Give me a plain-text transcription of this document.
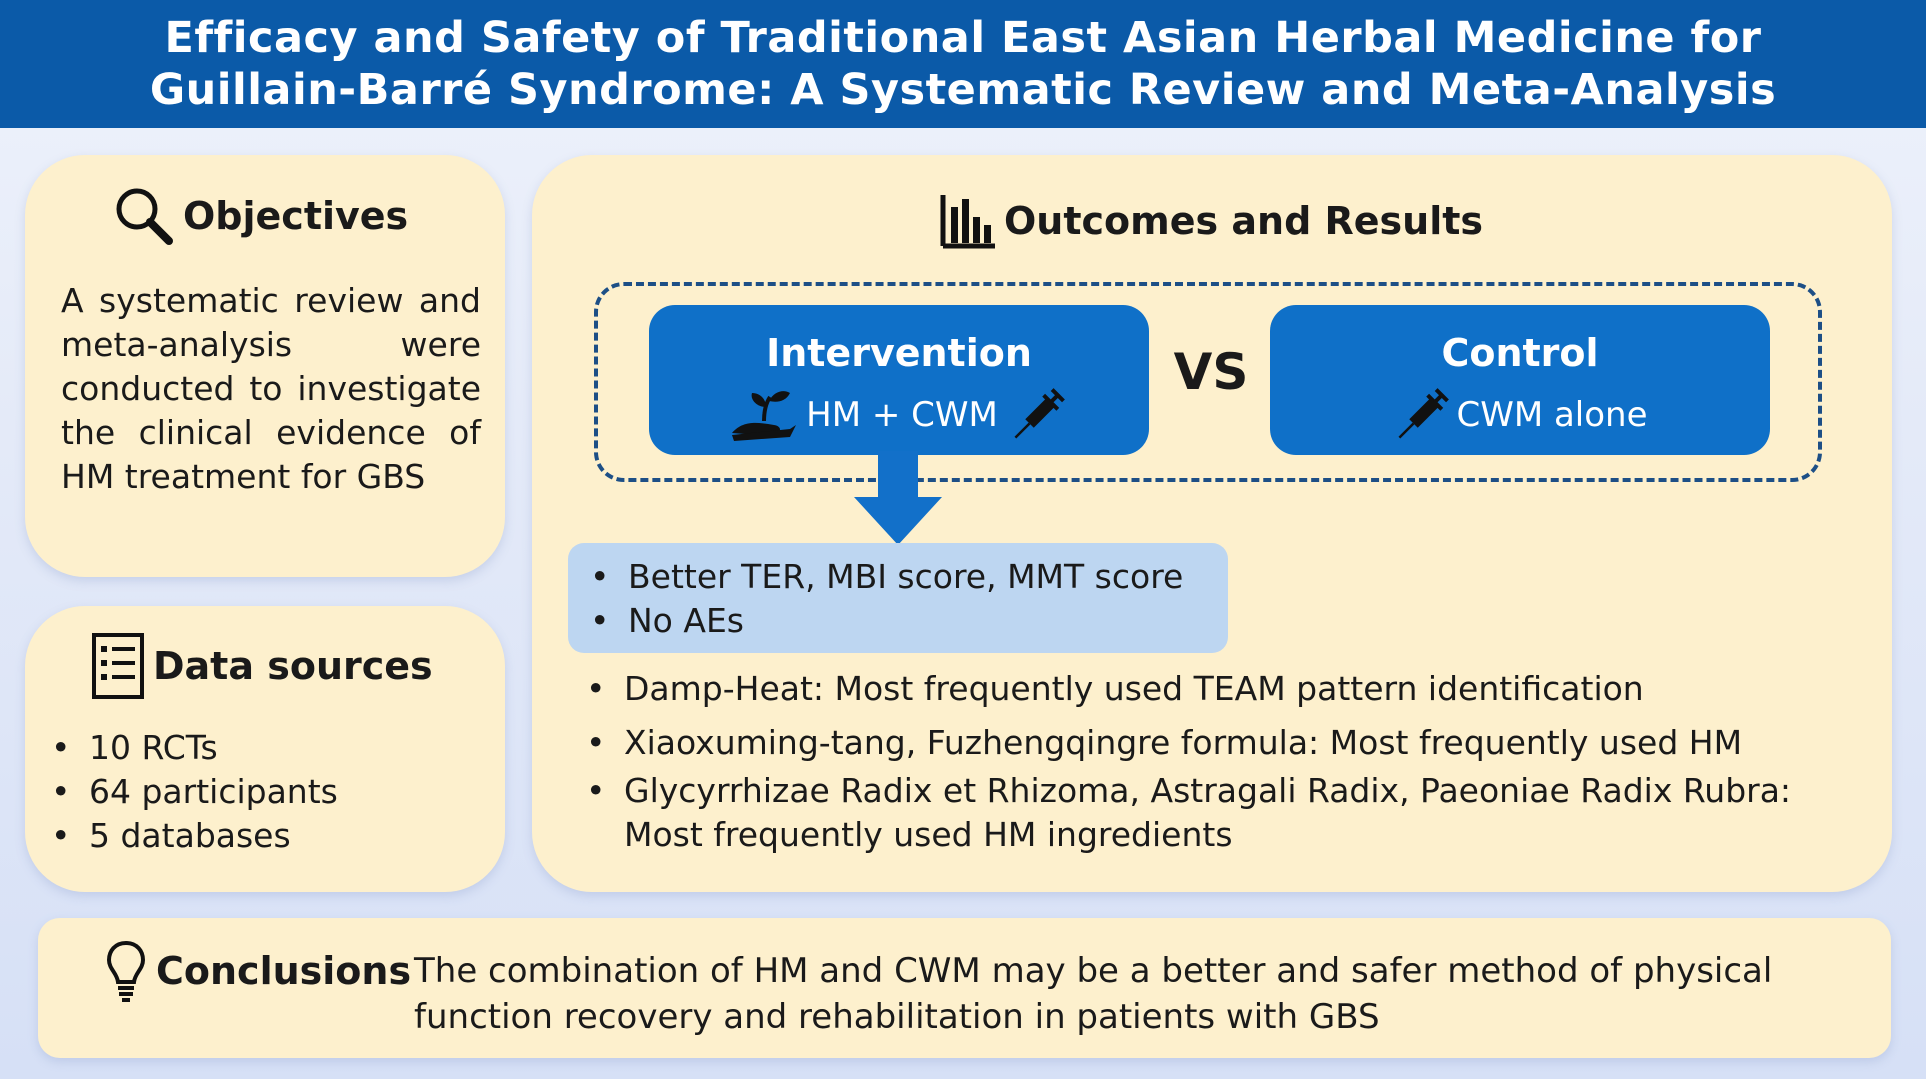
Efficacy and Safety of Traditional East Asian Herbal Medicine for
Guillain-Barré Syndrome: A Systematic Review and Meta-Analysis
Objectives
A systematic review and meta-analysis were conducted to investigate the clinical evidence of HM treatment for GBS
Data sources
• 10 RCTs
• 64 participants
• 5 databases
Outcomes and Results
Intervention
HM + CWM
VS	Control
CWM alone
• Better TER, MBI score, MMT score
• No AEs
• Damp-Heat: Most frequently used TEAM pattern identification
• Xiaoxuming-tang, Fuzhengqingre formula: Most frequently used HM
• Glycyrrhizae Radix et Rhizoma, Astragali Radix, Paeoniae Radix Rubra: Most frequently used HM ingredients
Conclusions The combination of HM and CWM may be a better and safer method of physical function recovery and rehabilitation in patients with GBS
